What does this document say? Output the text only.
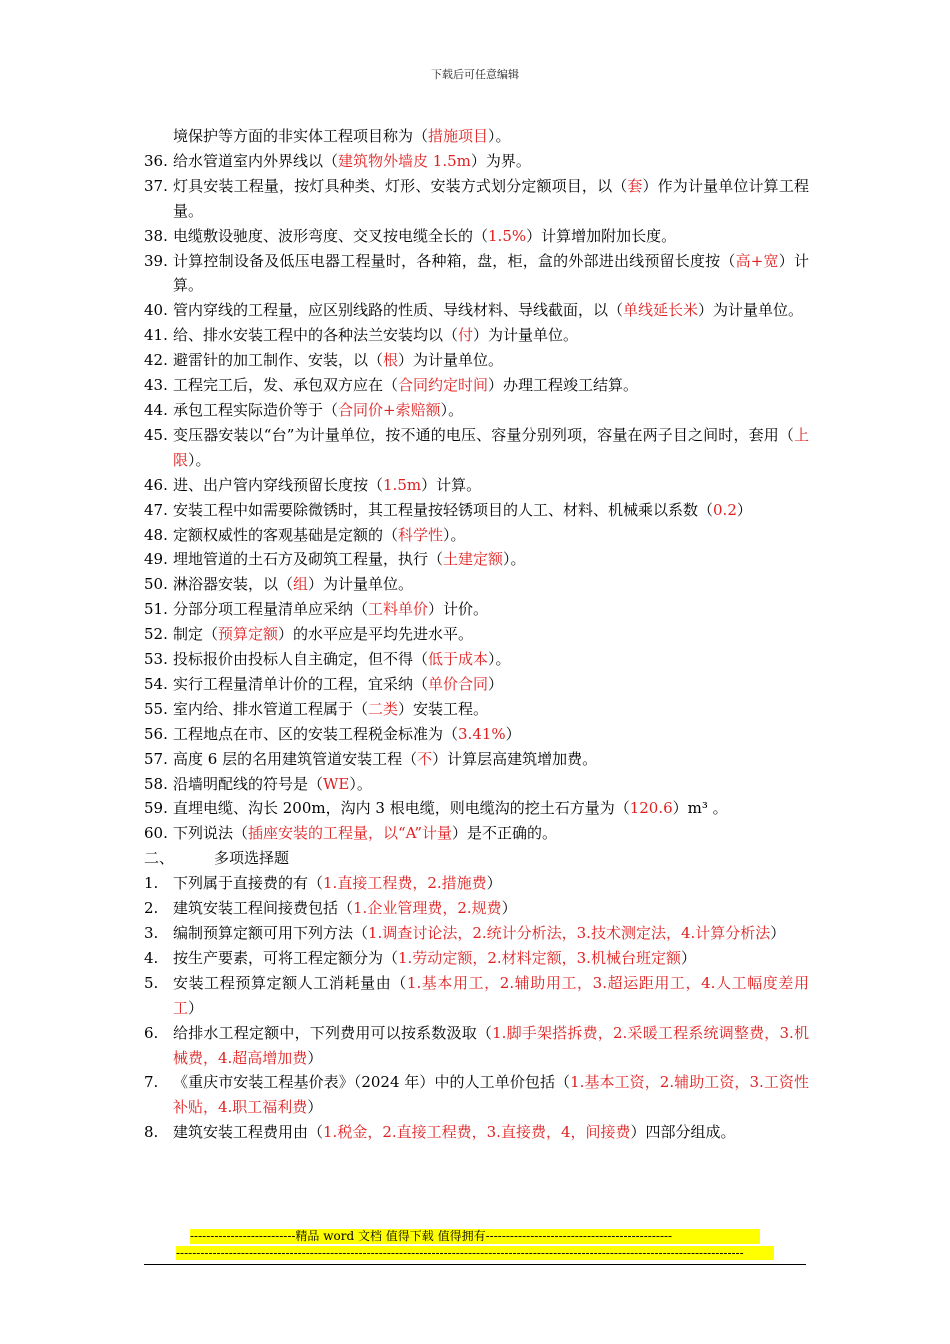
下载后可任意编辑
境保护等方面的非实体工程项目称为（措施项目）。
36. 给水管道室内外界线以（建筑物外墙皮 1.5m）为界。
37. 灯具安装工程量，按灯具种类、灯形、安装方式划分定额项目，以（套）作为计量单位计算工程量。
38. 电缆敷设驰度、波形弯度、交叉按电缆全长的（1.5%）计算增加附加长度。
39. 计算控制设备及低压电器工程量时，各种箱，盘，柜，盒的外部进出线预留长度按（高+宽）计算。
40. 管内穿线的工程量，应区别线路的性质、导线材料、导线截面，以（单线延长米）为计量单位。
41. 给、排水安装工程中的各种法兰安装均以（付）为计量单位。
42. 避雷针的加工制作、安装，以（根）为计量单位。
43. 工程完工后，发、承包双方应在（合同约定时间）办理工程竣工结算。
44. 承包工程实际造价等于（合同价+索赔额）。
45. 变压器安装以“台”为计量单位，按不通的电压、容量分别列项，容量在两子目之间时，套用（上限）。
46. 进、出户管内穿线预留长度按（1.5m）计算。
47. 安装工程中如需要除微锈时，其工程量按轻锈项目的人工、材料、机械乘以系数（0.2）
48. 定额权威性的客观基础是定额的（科学性）。
49. 埋地管道的土石方及砌筑工程量，执行（土建定额）。
50. 淋浴器安装，以（组）为计量单位。
51. 分部分项工程量清单应采纳（工料单价）计价。
52. 制定（预算定额）的水平应是平均先进水平。
53. 投标报价由投标人自主确定，但不得（低于成本）。
54. 实行工程量清单计价的工程，宜采纳（单价合同）
55. 室内给、排水管道工程属于（二类）安装工程。
56. 工程地点在市、区的安装工程税金标准为（3.41%）
57. 高度 6 层的名用建筑管道安装工程（不）计算层高建筑增加费。
58. 沿墙明配线的符号是（WE）。
59. 直埋电缆、沟长 200m，沟内 3 根电缆，则电缆沟的挖土石方量为（120.6）m³ 。
60. 下列说法（插座安装的工程量，以“A”计量）是不正确的。
二、	多项选择题
1. 下列属于直接费的有（1.直接工程费，2.措施费）
2. 建筑安装工程间接费包括（1.企业管理费，2.规费）
3. 编制预算定额可用下列方法（1.调查讨论法，2.统计分析法，3.技术测定法，4.计算分析法）
4. 按生产要素，可将工程定额分为（1.劳动定额，2.材料定额，3.机械台班定额）
5. 安装工程预算定额人工消耗量由（1.基本用工，2.辅助用工，3.超运距用工，4.人工幅度差用工）
6. 给排水工程定额中，下列费用可以按系数汲取（1.脚手架搭拆费，2.采暖工程系统调整费，3.机械费，4.超高增加费）
7. 《重庆市安装工程基价表》（2024 年）中的人工单价包括（1.基本工资，2.辅助工资，3.工资性补贴，4.职工福利费）
8. 建筑安装工程费用由（1.税金，2.直接工程费，3.直接费，4，间接费）四部分组成。
--------------------------精品 word 文档 值得下载 值得拥有----------------------------------------------
--------------------------------------------------------------------------------------------------------------------------------------------
